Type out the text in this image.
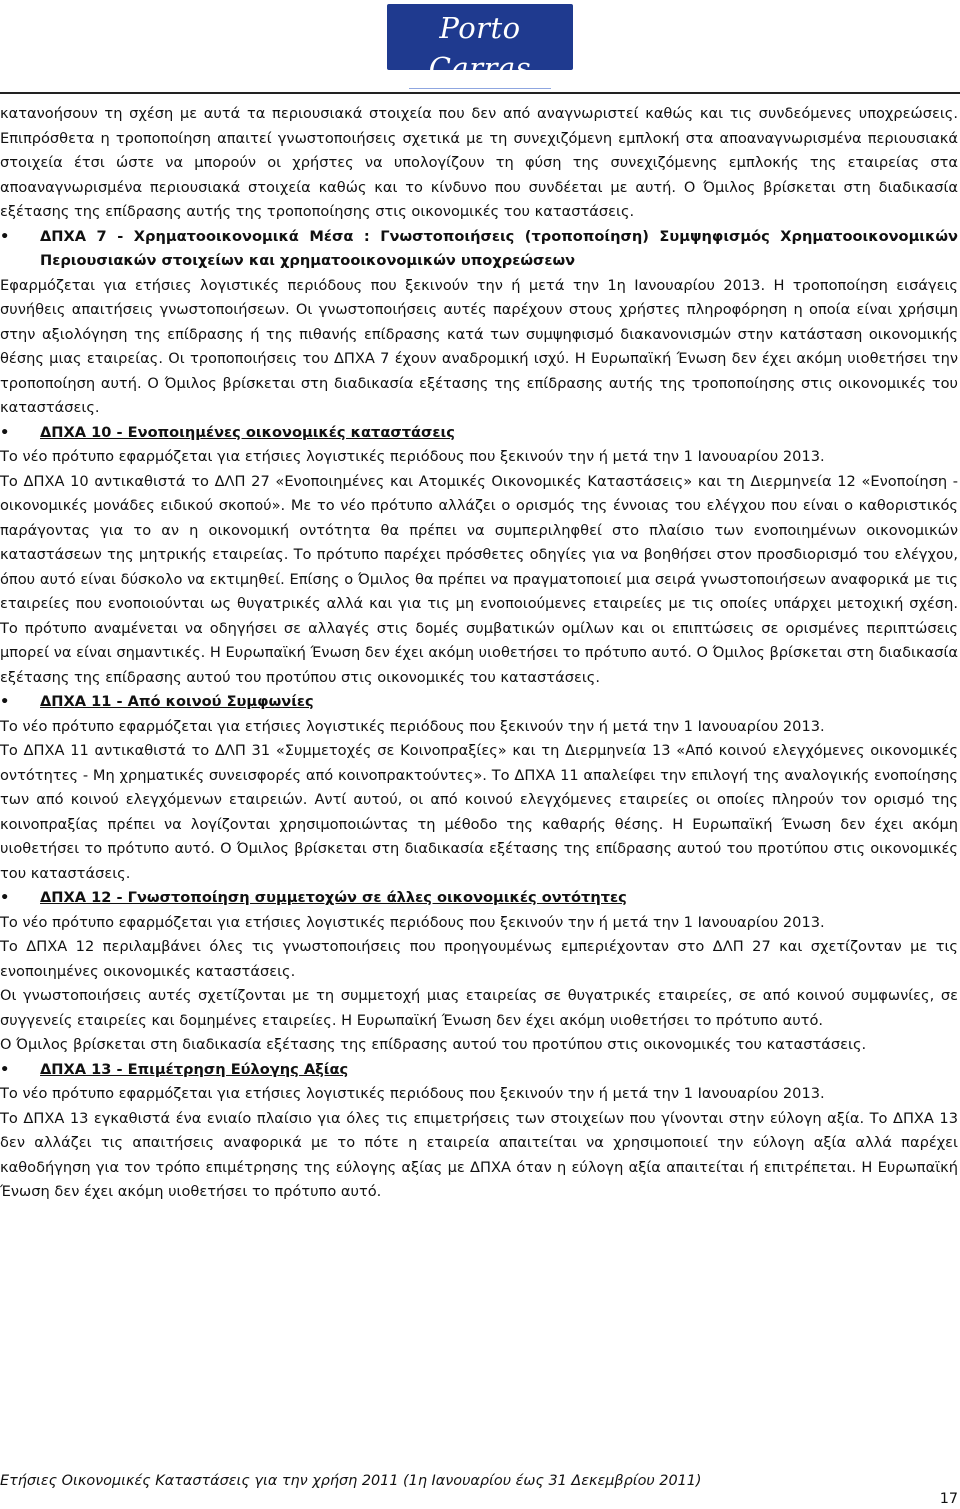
Porto Carras
GRAND RESORT

κατανοήσουν τη σχέση με αυτά τα περιουσιακά στοιχεία που δεν από αναγνωριστεί καθώς και τις συνδεόμενες υποχρεώσεις. Επιπρόσθετα η τροποποίηση απαιτεί γνωστοποιήσεις σχετικά με τη συνεχιζόμενη εμπλοκή στα αποαναγνωρισμένα περιουσιακά στοιχεία έτσι ώστε να μπορούν οι χρήστες να υπολογίζουν τη φύση της συνεχιζόμενης εμπλοκής της εταιρείας στα αποαναγνωρισμένα περιουσιακά στοιχεία καθώς και το κίνδυνο που συνδέεται με αυτή. Ο Όμιλος βρίσκεται στη διαδικασία εξέτασης της επίδρασης αυτής της τροποποίησης στις οικονομικές του καταστάσεις.

•	ΔΠΧΑ 7 - Χρηματοοικονομικά Μέσα : Γνωστοποιήσεις (τροποποίηση) Συμψηφισμός Χρηματοοικονομικών Περιουσιακών στοιχείων και χρηματοοικονομικών υποχρεώσεων

Εφαρμόζεται για ετήσιες λογιστικές περιόδους που ξεκινούν την ή μετά την 1η Ιανουαρίου 2013. Η τροποποίηση εισάγεις συνήθεις απαιτήσεις γνωστοποιήσεων. Οι γνωστοποιήσεις αυτές παρέχουν στους χρήστες πληροφόρηση η οποία είναι χρήσιμη στην αξιολόγηση της επίδρασης ή της πιθανής επίδρασης κατά των συμψηφισμό διακανονισμών στην κατάσταση οικονομικής θέσης μιας εταιρείας. Οι τροποποιήσεις του ΔΠΧΑ 7 έχουν αναδρομική ισχύ. Η Ευρωπαϊκή Ένωση δεν έχει ακόμη υιοθετήσει την τροποποίηση αυτή. Ο Όμιλος βρίσκεται στη διαδικασία εξέτασης της επίδρασης αυτής της τροποποίησης στις οικονομικές του καταστάσεις.

•	ΔΠΧΑ 10 - Ενοποιημένες οικονομικές καταστάσεις

Το νέο πρότυπο εφαρμόζεται για ετήσιες λογιστικές περιόδους που ξεκινούν την ή μετά την 1 Ιανουαρίου 2013.

Το ΔΠΧΑ 10 αντικαθιστά το ΔΛΠ 27 «Ενοποιημένες και Ατομικές Οικονομικές Καταστάσεις» και τη Διερμηνεία 12 «Ενοποίηση - οικονομικές μονάδες ειδικού σκοπού». Με το νέο πρότυπο αλλάζει ο ορισμός της έννοιας του ελέγχου που είναι ο καθοριστικός παράγοντας για το αν η οικονομική οντότητα θα πρέπει να συμπεριληφθεί στο πλαίσιο των ενοποιημένων οικονομικών καταστάσεων της μητρικής εταιρείας. Το πρότυπο παρέχει πρόσθετες οδηγίες για να βοηθήσει στον προσδιορισμό του ελέγχου, όπου αυτό είναι δύσκολο να εκτιμηθεί. Επίσης ο Όμιλος θα πρέπει να πραγματοποιεί μια σειρά γνωστοποιήσεων αναφορικά με τις εταιρείες που ενοποιούνται ως θυγατρικές αλλά και για τις μη ενοποιούμενες εταιρείες με τις οποίες υπάρχει μετοχική σχέση. Το πρότυπο αναμένεται να οδηγήσει σε αλλαγές στις δομές συμβατικών ομίλων και οι επιπτώσεις σε ορισμένες περιπτώσεις μπορεί να είναι σημαντικές. Η Ευρωπαϊκή Ένωση δεν έχει ακόμη υιοθετήσει το πρότυπο αυτό. Ο Όμιλος βρίσκεται στη διαδικασία εξέτασης της επίδρασης αυτού του προτύπου στις οικονομικές του καταστάσεις.

•	ΔΠΧΑ 11 - Από κοινού Συμφωνίες

Το νέο πρότυπο εφαρμόζεται για ετήσιες λογιστικές περιόδους που ξεκινούν την ή μετά την 1 Ιανουαρίου 2013.

Το ΔΠΧΑ 11 αντικαθιστά το ΔΛΠ 31 «Συμμετοχές σε Κοινοπραξίες» και τη Διερμηνεία 13 «Από κοινού ελεγχόμενες οικονομικές οντότητες - Μη χρηματικές συνεισφορές από κοινοπρακτούντες». Το ΔΠΧΑ 11 απαλείφει την επιλογή της αναλογικής ενοποίησης των από κοινού ελεγχόμενων εταιρειών. Αντί αυτού, οι από κοινού ελεγχόμενες εταιρείες οι οποίες πληρούν τον ορισμό της κοινοπραξίας πρέπει να λογίζονται χρησιμοποιώντας τη μέθοδο της καθαρής θέσης. Η Ευρωπαϊκή Ένωση δεν έχει ακόμη υιοθετήσει το πρότυπο αυτό. Ο Όμιλος βρίσκεται στη διαδικασία εξέτασης της επίδρασης αυτού του προτύπου στις οικονομικές του καταστάσεις.

•	ΔΠΧΑ 12 - Γνωστοποίηση συμμετοχών σε άλλες οικονομικές οντότητες

Το νέο πρότυπο εφαρμόζεται για ετήσιες λογιστικές περιόδους που ξεκινούν την ή μετά την 1 Ιανουαρίου 2013.

Το ΔΠΧΑ 12 περιλαμβάνει όλες τις γνωστοποιήσεις που προηγουμένως εμπεριέχονταν στο ΔΛΠ 27 και σχετίζονταν με τις ενοποιημένες οικονομικές καταστάσεις.

Οι γνωστοποιήσεις αυτές σχετίζονται με τη συμμετοχή μιας εταιρείας σε θυγατρικές εταιρείες, σε από κοινού συμφωνίες, σε συγγενείς εταιρείες και δομημένες εταιρείες. Η Ευρωπαϊκή Ένωση δεν έχει ακόμη υιοθετήσει το πρότυπο αυτό.

Ο Όμιλος βρίσκεται στη διαδικασία εξέτασης της επίδρασης αυτού του προτύπου στις οικονομικές του καταστάσεις.

•	ΔΠΧΑ 13 - Επιμέτρηση Εύλογης Αξίας

Το νέο πρότυπο εφαρμόζεται για ετήσιες λογιστικές περιόδους που ξεκινούν την ή μετά την 1 Ιανουαρίου 2013.

Το ΔΠΧΑ 13 εγκαθιστά ένα ενιαίο πλαίσιο για όλες τις επιμετρήσεις των στοιχείων που γίνονται στην εύλογη αξία. Το ΔΠΧΑ 13 δεν αλλάζει τις απαιτήσεις αναφορικά με το πότε η εταιρεία απαιτείται να χρησιμοποιεί την εύλογη αξία αλλά παρέχει καθοδήγηση για τον τρόπο επιμέτρησης της εύλογης αξίας με ΔΠΧΑ όταν η εύλογη αξία απαιτείται ή επιτρέπεται. Η Ευρωπαϊκή Ένωση δεν έχει ακόμη υιοθετήσει το πρότυπο αυτό.

Ετήσιες Οικονομικές Καταστάσεις για την χρήση 2011 (1η Ιανουαρίου έως 31 Δεκεμβρίου 2011)
17
